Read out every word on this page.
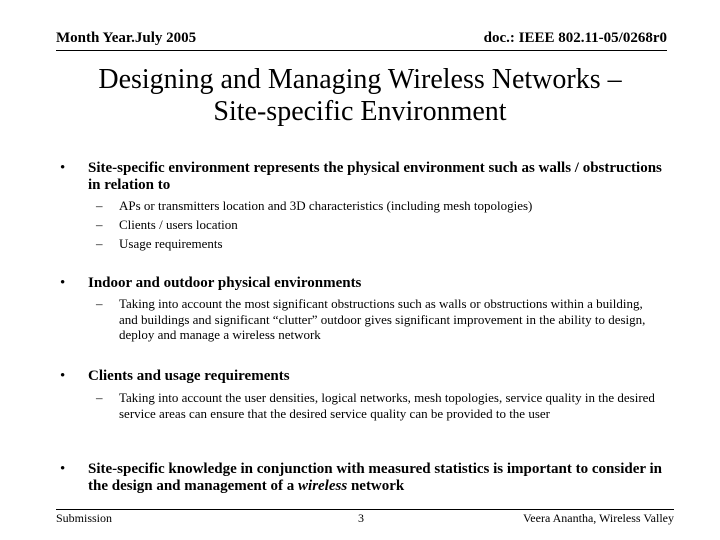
Month Year.July 2005	doc.: IEEE 802.11-05/0268r0
Designing and Managing Wireless Networks –
Site-specific Environment
• Site-specific environment represents the physical environment such as walls / obstructions in relation to
– APs or transmitters location and 3D characteristics (including mesh topologies)
– Clients / users location
– Usage requirements
• Indoor and outdoor physical environments
– Taking into account the most significant obstructions such as walls or obstructions within a building, and buildings and significant “clutter” outdoor gives significant improvement in the ability to design, deploy and manage a wireless network
• Clients and usage requirements
– Taking into account the user densities, logical networks, mesh topologies, service quality in the desired service areas can ensure that the desired service quality can be provided to the user
• Site-specific knowledge in conjunction with measured statistics is important to consider in the design and management of a wireless network
Submission	3	Veera Anantha, Wireless Valley
